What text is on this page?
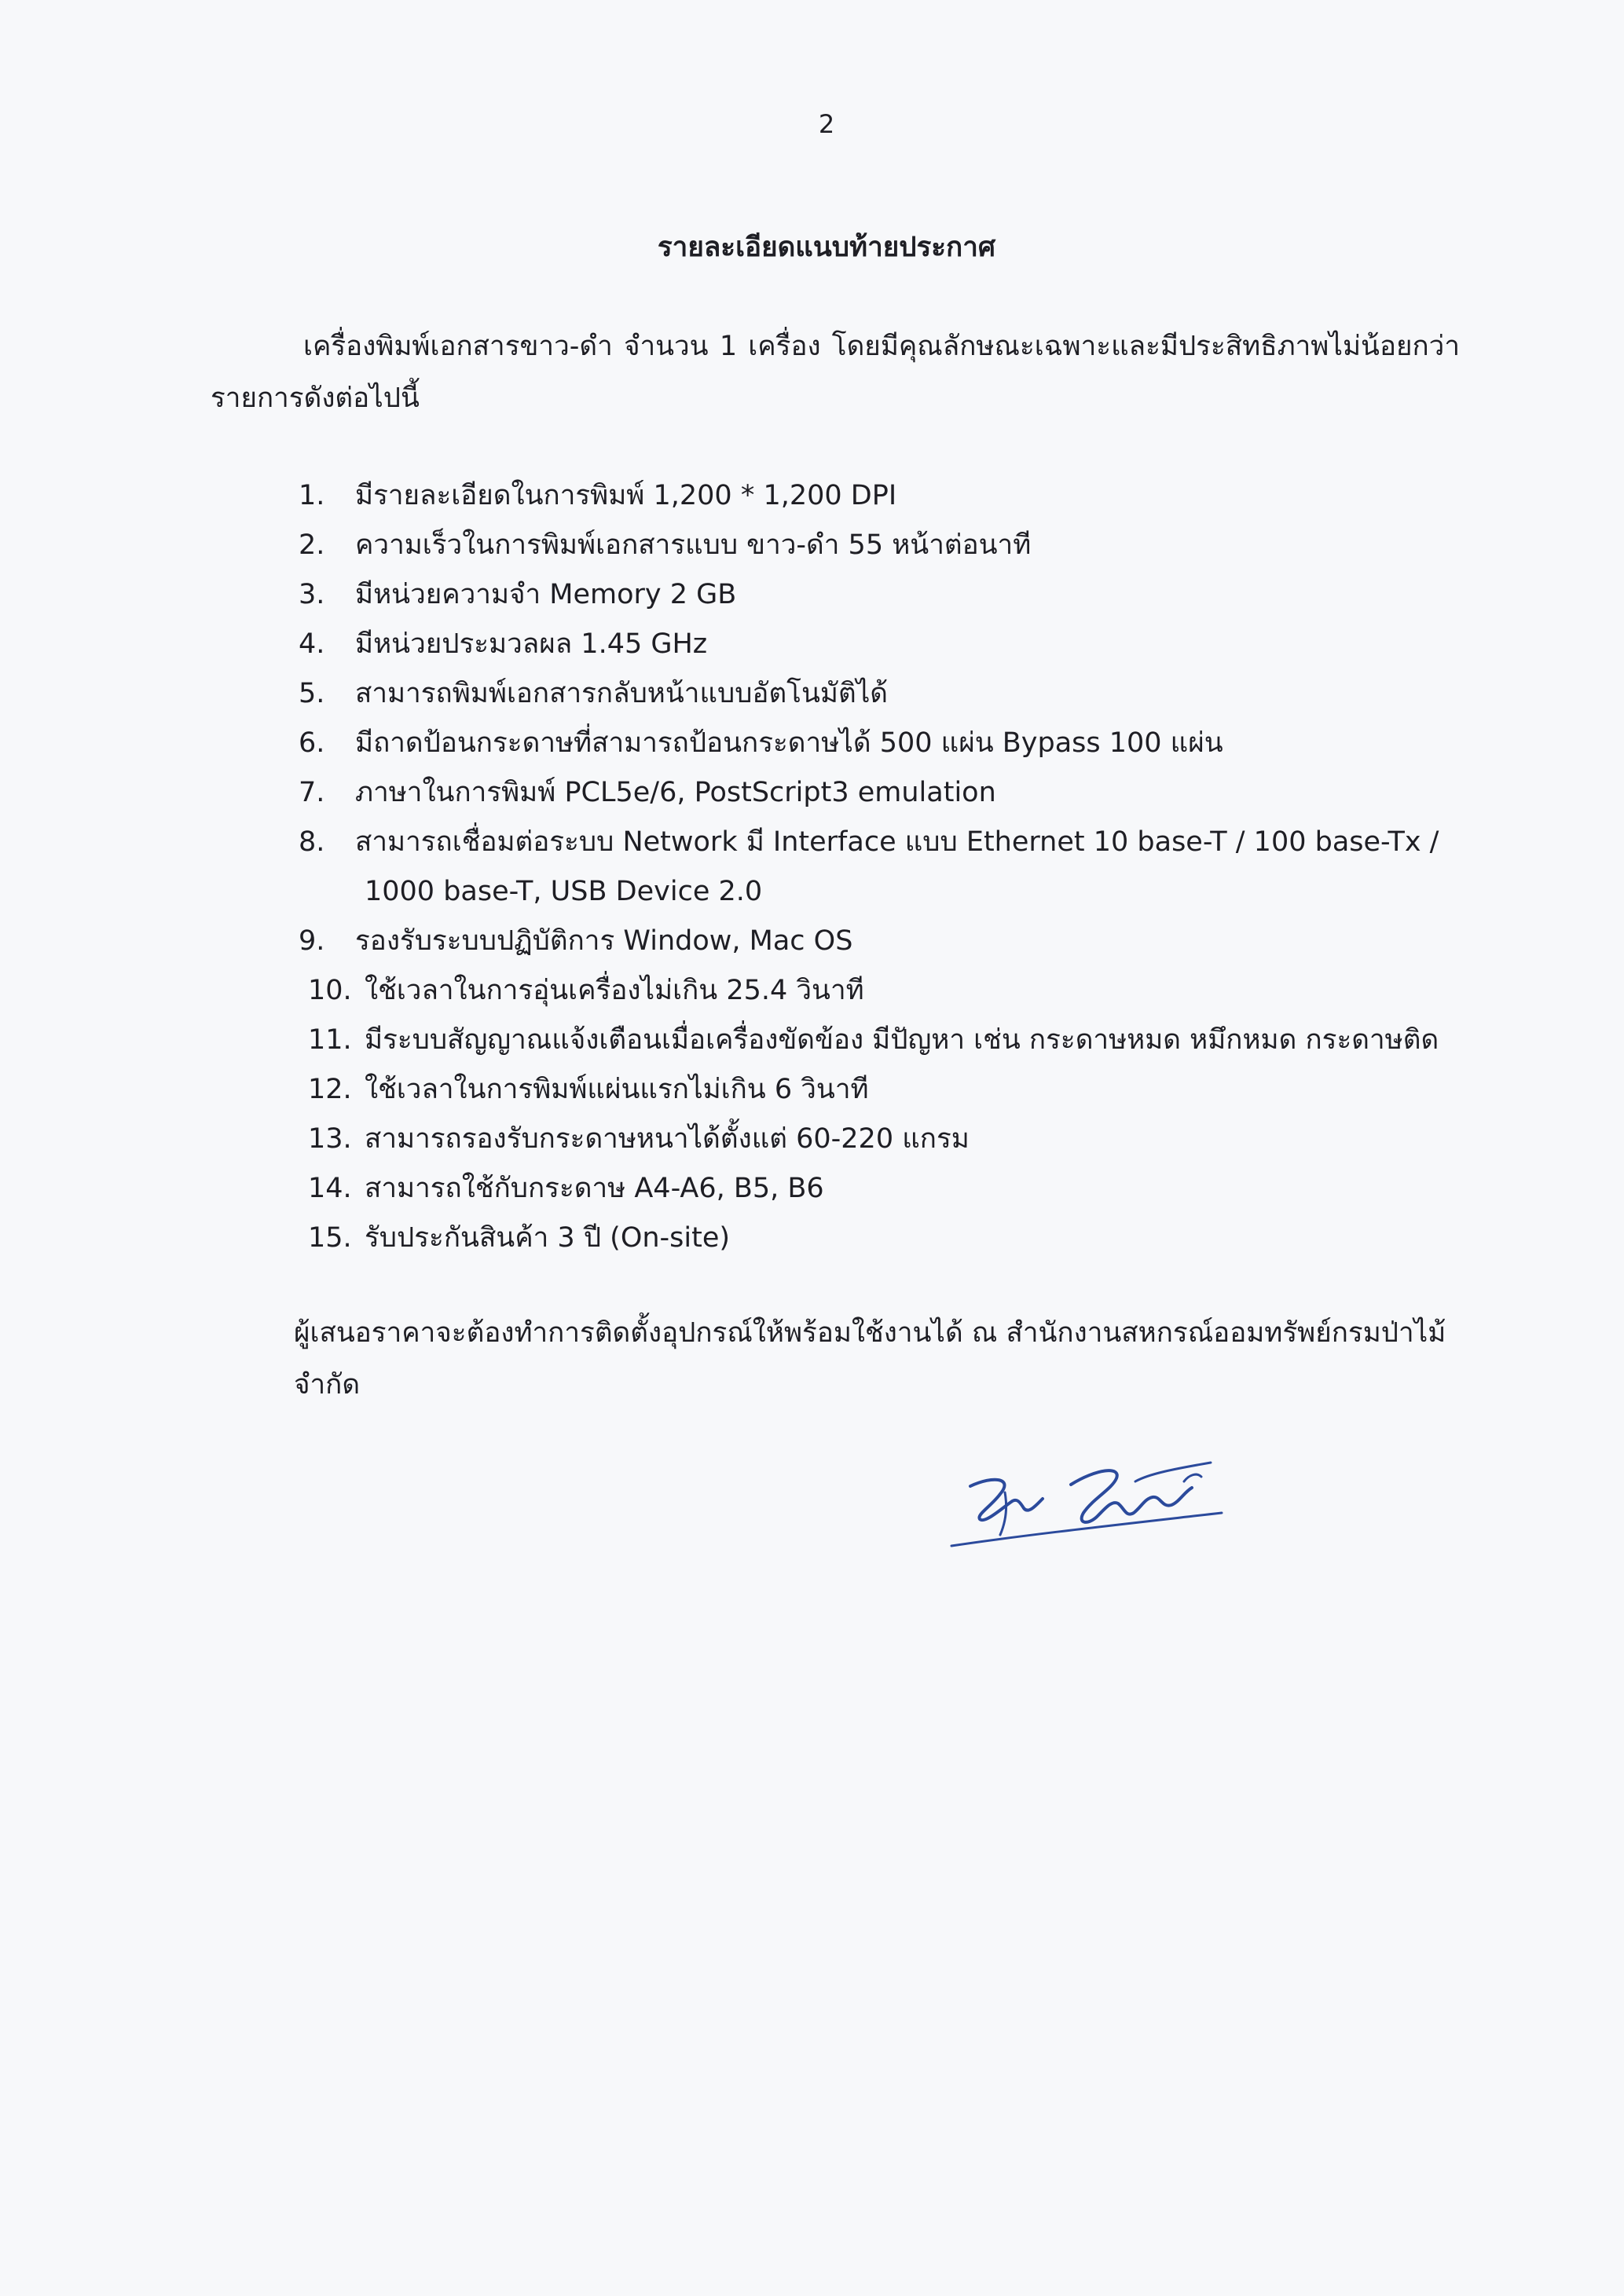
2
รายละเอียดแนบท้ายประกาศ
เครื่องพิมพ์เอกสารขาว-ดำ จำนวน 1 เครื่อง โดยมีคุณลักษณะเฉพาะและมีประสิทธิภาพไม่น้อยกว่า รายการดังต่อไปนี้
1.	มีรายละเอียดในการพิมพ์ 1,200 * 1,200 DPI
2.	ความเร็วในการพิมพ์เอกสารแบบ ขาว-ดำ 55 หน้าต่อนาที
3.	มีหน่วยความจำ Memory 2 GB
4.	มีหน่วยประมวลผล 1.45 GHz
5.	สามารถพิมพ์เอกสารกลับหน้าแบบอัตโนมัติได้
6.	มีถาดป้อนกระดาษที่สามารถป้อนกระดาษได้ 500 แผ่น Bypass 100 แผ่น
7.	ภาษาในการพิมพ์ PCL5e/6, PostScript3 emulation
8.	สามารถเชื่อมต่อระบบ Network มี Interface แบบ Ethernet 10 base-T / 100 base-Tx /
1000 base-T, USB Device 2.0
9.	รองรับระบบปฏิบัติการ Window, Mac OS
10. ใช้เวลาในการอุ่นเครื่องไม่เกิน 25.4 วินาที
11. มีระบบสัญญาณแจ้งเตือนเมื่อเครื่องขัดข้อง มีปัญหา เช่น กระดาษหมด หมึกหมด กระดาษติด
12. ใช้เวลาในการพิมพ์แผ่นแรกไม่เกิน 6 วินาที
13. สามารถรองรับกระดาษหนาได้ตั้งแต่ 60-220 แกรม
14. สามารถใช้กับกระดาษ A4-A6, B5, B6
15. รับประกันสินค้า 3 ปี (On-site)
ผู้เสนอราคาจะต้องทำการติดตั้งอุปกรณ์ให้พร้อมใช้งานได้ ณ สำนักงานสหกรณ์ออมทรัพย์กรมป่าไม้ จำกัด
